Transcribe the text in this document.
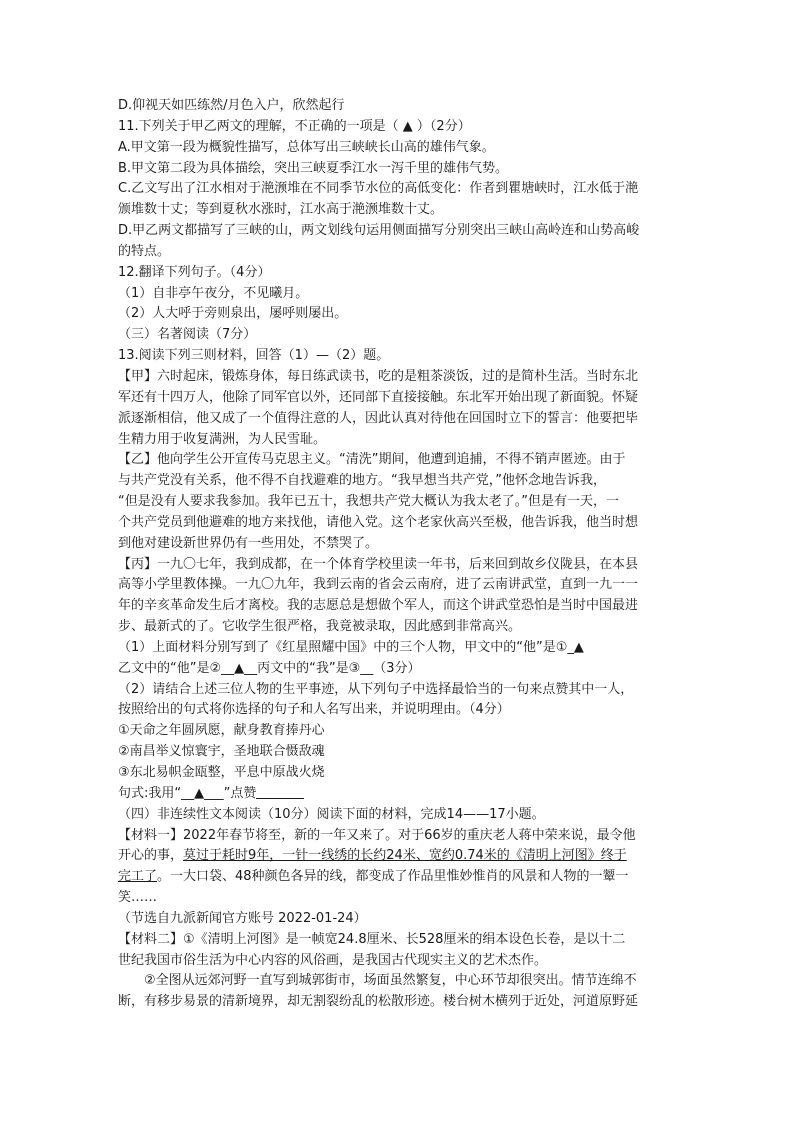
D.仰视天如匹练然/月色入户，欣然起行
11.下列关于甲乙两文的理解，不正确的一项是（ ▲ ）（2分）
A.甲文第一段为概貌性描写，总体写出三峡峡长山高的雄伟气象。
B.甲文第二段为具体描绘，突出三峡夏季江水一泻千里的雄伟气势。
C.乙文写出了江水相对于滟滪堆在不同季节水位的高低变化：作者到瞿塘峡时，江水低于滟
颁堆数十丈；等到夏秋水涨时，江水高于滟滪堆数十丈。
D.甲乙两文都描写了三峡的山，两文划线句运用侧面描写分别突出三峡山高岭连和山势高峻
的特点。
12.翻译下列句子。（4分）
（1）自非亭午夜分，不见曦月。
（2）人大呼于旁则泉出，屡呼则屡出。
（三）名著阅读（7分）
13.阅读下列三则材料，回答（1）—（2）题。
【甲】六时起床，锻炼身体，每日练武读书，吃的是粗茶淡饭，过的是简朴生活。当时东北
军还有十四万人，他除了同军官以外，还同部下直接接触。东北军开始出现了新面貌。怀疑
派逐渐相信，他又成了一个值得注意的人，因此认真对待他在回国时立下的誓言：他要把毕
生精力用于收复满洲，为人民雪耻。
【乙】他向学生公开宣传马克思主义。“清洗”期间，他遭到追捕，不得不销声匿迹。由于
与共产党没有关系，他不得不自找避难的地方。“我早想当共产党，”他怀念地告诉我，
“但是没有人要求我参加。我年已五十，我想共产党大概认为我太老了。”但是有一天，一
个共产党员到他避难的地方来找他，请他入党。这个老家伙高兴至极，他告诉我，他当时想
到他对建设新世界仍有一些用处，不禁哭了。
【丙】一九〇七年，我到成都，在一个体育学校里读一年书，后来回到故乡仪陇县，在本县
高等小学里教体操。一九〇九年，我到云南的省会云南府，进了云南讲武堂，直到一九一一
年的辛亥革命发生后才离校。我的志愿总是想做个军人，而这个讲武堂恐怕是当时中国最进
步、最新式的了。它收学生很严格，我竟被录取，因此感到非常高兴。
（1）上面材料分别写到了《红星照耀中国》中的三个人物，甲文中的“他”是①_▲
乙文中的“他”是②__▲__丙文中的“我”是③__（3分）
（2）请结合上述三位人物的生平事迹，从下列句子中选择最恰当的一句来点赞其中一人，
按照给出的句式将你选择的句子和人名写出来，并说明理由。（4分）
①天命之年圆夙愿，献身教育捧丹心
②南昌举义惊寰宇，圣地联合慑敌魂
③东北易帜金瓯整，平息中原战火烧
句式:我用“__▲___”点赞
（四）非连续性文本阅读（10分）阅读下面的材料，完成14——17小题。
【材料一】2022年春节将至，新的一年又来了。对于66岁的重庆老人蒋中荣来说，最令他
开心的事，莫过于耗时9年，一针一线绣的长约24米、宽约0.74米的《清明上河图》终于
完工了。一大口袋、48种颜色各异的线，都变成了作品里惟妙惟肖的风景和人物的一颦一
笑……
（节选自九派新闻官方账号 2022-01-24）
【材料二】①《清明上河图》是一帧宽24.8厘米、长528厘米的绢本设色长卷，是以十二
世纪我国市俗生活为中心内容的风俗画，是我国古代现实主义的艺术杰作。
②全图从远郊河野一直写到城郭街市，场面虽然繁复，中心环节却很突出。情节连绵不
断，有移步易景的清新境界，却无割裂纷乱的松散形迹。楼台树木横列于近处，河道原野延
